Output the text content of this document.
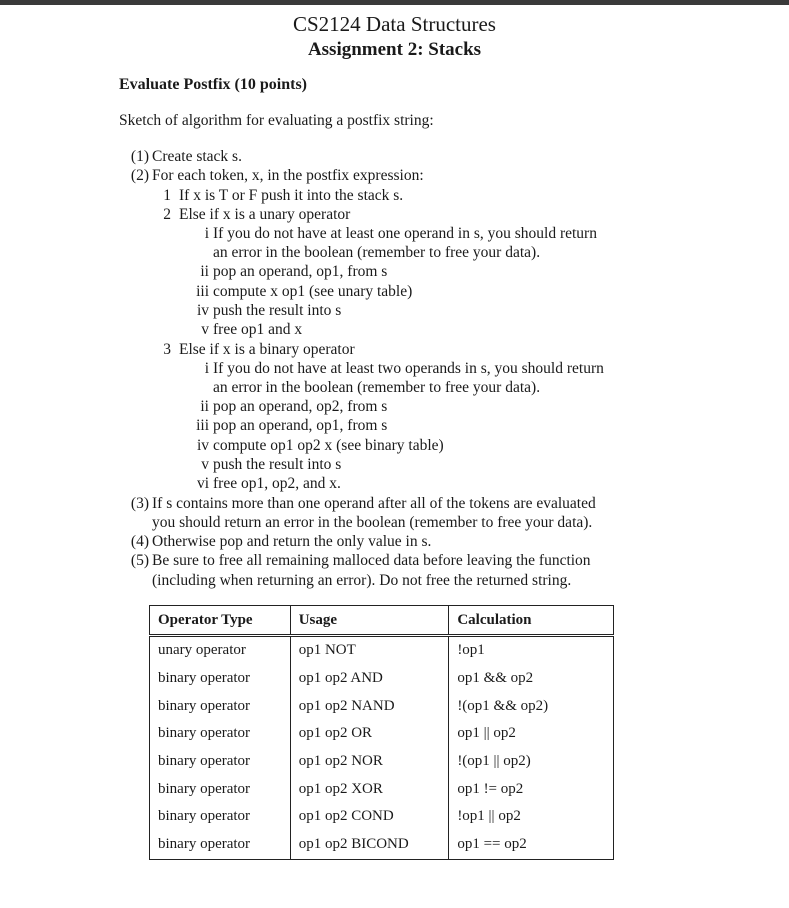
CS2124 Data Structures
Assignment 2: Stacks
Evaluate Postfix (10 points)
Sketch of algorithm for evaluating a postfix string:
(1) Create stack s.
(2) For each token, x, in the postfix expression:
1 If x is T or F push it into the stack s.
2 Else if x is a unary operator
i If you do not have at least one operand in s, you should return
an error in the boolean (remember to free your data).
ii pop an operand, op1, from s
iii compute x op1 (see unary table)
iv push the result into s
v free op1 and x
3 Else if x is a binary operator
i If you do not have at least two operands in s, you should return
an error in the boolean (remember to free your data).
ii pop an operand, op2, from s
iii pop an operand, op1, from s
iv compute op1 op2 x (see binary table)
v push the result into s
vi free op1, op2, and x.
(3) If s contains more than one operand after all of the tokens are evaluated
you should return an error in the boolean (remember to free your data).
(4) Otherwise pop and return the only value in s.
(5) Be sure to free all remaining malloced data before leaving the function
(including when returning an error). Do not free the returned string.
Operator Type	Usage	Calculation
unary operator	op1 NOT	!op1
binary operator	op1 op2 AND	op1 && op2
binary operator	op1 op2 NAND	!(op1 && op2)
binary operator	op1 op2 OR	op1 || op2
binary operator	op1 op2 NOR	!(op1 || op2)
binary operator	op1 op2 XOR	op1 != op2
binary operator	op1 op2 COND	!op1 || op2
binary operator	op1 op2 BICOND	op1 == op2
